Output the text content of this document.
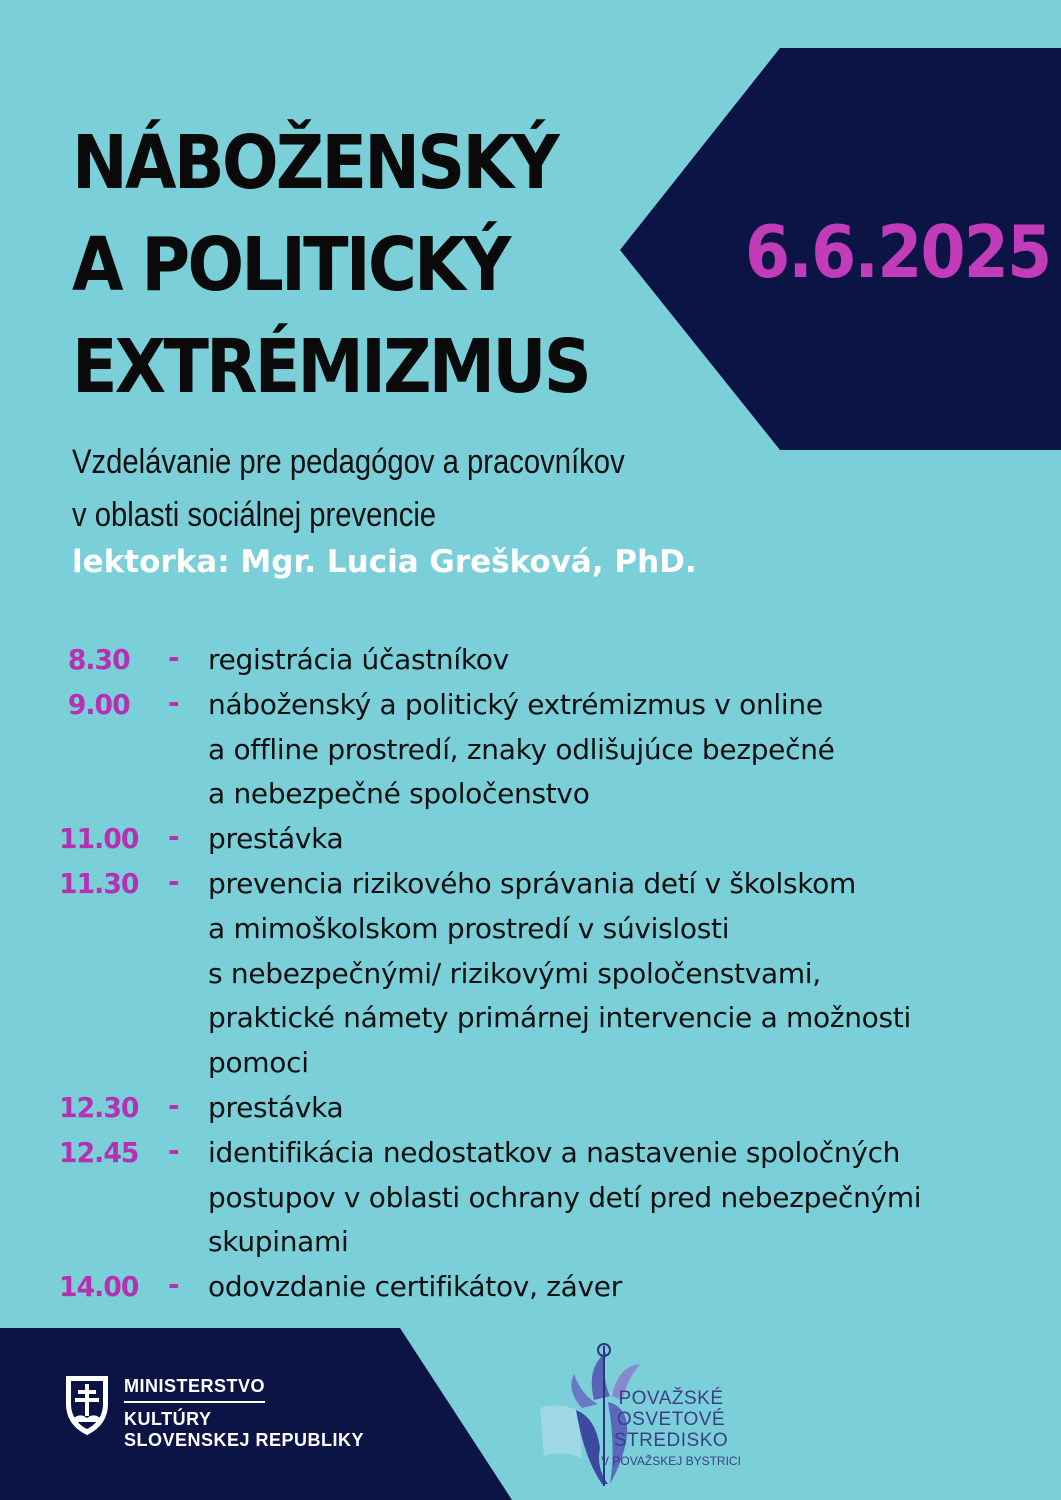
6.6.2025
NÁBOŽENSKÝ
A POLITICKÝ
EXTRÉMIZMUS
Vzdelávanie pre pedagógov a pracovníkov
v oblasti sociálnej prevencie
lektorka: Mgr. Lucia Grešková, PhD.
8.30 - registrácia účastníkov
9.00 - náboženský a politický extrémizmus v online
a offline prostredí, znaky odlišujúce bezpečné
a nebezpečné spoločenstvo
11.00 - prestávka
11.30 - prevencia rizikového správania detí v školskom
a mimoškolskom prostredí v súvislosti
s nebezpečnými/ rizikovými spoločenstvami,
praktické námety primárnej intervencie a možnosti
pomoci
12.30 - prestávka
12.45 - identifikácia nedostatkov a nastavenie spoločných
postupov v oblasti ochrany detí pred nebezpečnými
skupinami
14.00 - odovzdanie certifikátov, záver
MINISTERSTVO
KULTÚRY
SLOVENSKEJ REPUBLIKY
POVAŽSKÉ
OSVETOVÉ
STREDISKO
V POVAŽSKEJ BYSTRICI
